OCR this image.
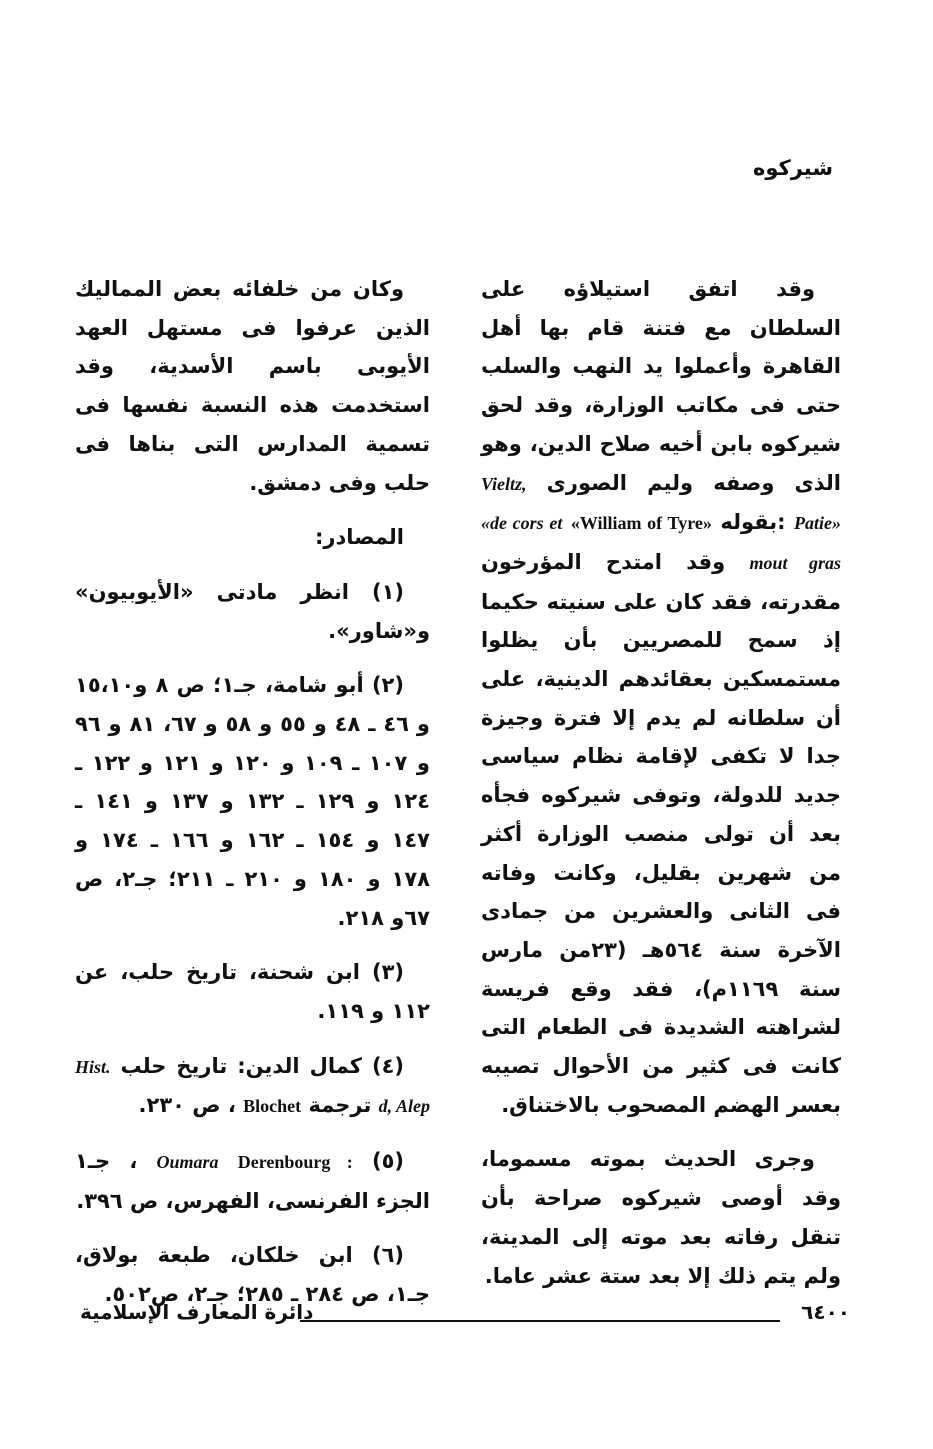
شيركوه

وقد اتفق استيلاؤه على السلطان مع فتنة قام بها أهل القاهرة وأعملوا يد النهب والسلب حتى فى مكاتب الوزارة، وقد لحق شيركوه بابن أخيه صلاح الدين، وهو الذى وصفه وليم الصورى Vieltz, Patie» :بقوله «William of Tyre» «de cors et mout gras وقد امتدح المؤرخون مقدرته، فقد كان على سنيته حكيما إذ سمح للمصريين بأن يظلوا مستمسكين بعقائدهم الدينية، على أن سلطانه لم يدم إلا فترة وجيزة جدا لا تكفى لإقامة نظام سياسى جديد للدولة، وتوفى شيركوه فجأه بعد أن تولى منصب الوزارة أكثر من شهرين بقليل، وكانت وفاته فى الثانى والعشرين من جمادى الآخرة سنة ٥٦٤هـ (٢٣من مارس سنة ١١٦٩م)، فقد وقع فريسة لشراهته الشديدة فى الطعام التى كانت فى كثير من الأحوال تصيبه بعسر الهضم المصحوب بالاختناق.

وجرى الحديث بموته مسموما، وقد أوصى شيركوه صراحة بأن تنقل رفاته بعد موته إلى المدينة، ولم يتم ذلك إلا بعد ستة عشر عاما.

وكان من خلفائه بعض المماليك الذين عرفوا فى مستهل العهد الأيوبى باسم الأسدية، وقد استخدمت هذه النسبة نفسها فى تسمية المدارس التى بناها فى حلب وفى دمشق.

المصادر:

(١) انظر مادتى «الأيوبيون» و«شاور».

(٢) أبو شامة، جـ١؛ ص ٨ و١٥،١٠ و ٤٦ ـ ٤٨ و ٥٥ و ٥٨ و ٦٧، ٨١ و ٩٦ و ١٠٧ ـ ١٠٩ و ١٢٠ و ١٢١ و ١٢٢ ـ ١٢٤ و ١٢٩ ـ ١٣٢ و ١٣٧ و ١٤١ ـ ١٤٧ و ١٥٤ ـ ١٦٢ و ١٦٦ ـ ١٧٤ و ١٧٨ و ١٨٠ و ٢١٠ ـ ٢١١؛ جـ٢، ص ٦٧و ٢١٨.

(٣) ابن شحنة، تاريخ حلب، عن ١١٢ و ١١٩.

(٤) كمال الدين: تاريخ حلب Hist. d, Alep ترجمة Blochet ، ص ٢٣٠.

(٥) Derenbourg : Oumara ، جـ١ الجزء الفرنسى، الفهرس، ص ٣٩٦.

(٦) ابن خلكان، طبعة بولاق، جـ١، ص ٢٨٤ ـ ٢٨٥؛ جـ٢، ص٥٠٢.

٦٤٠٠
دائرة المعارف الإسلامية
